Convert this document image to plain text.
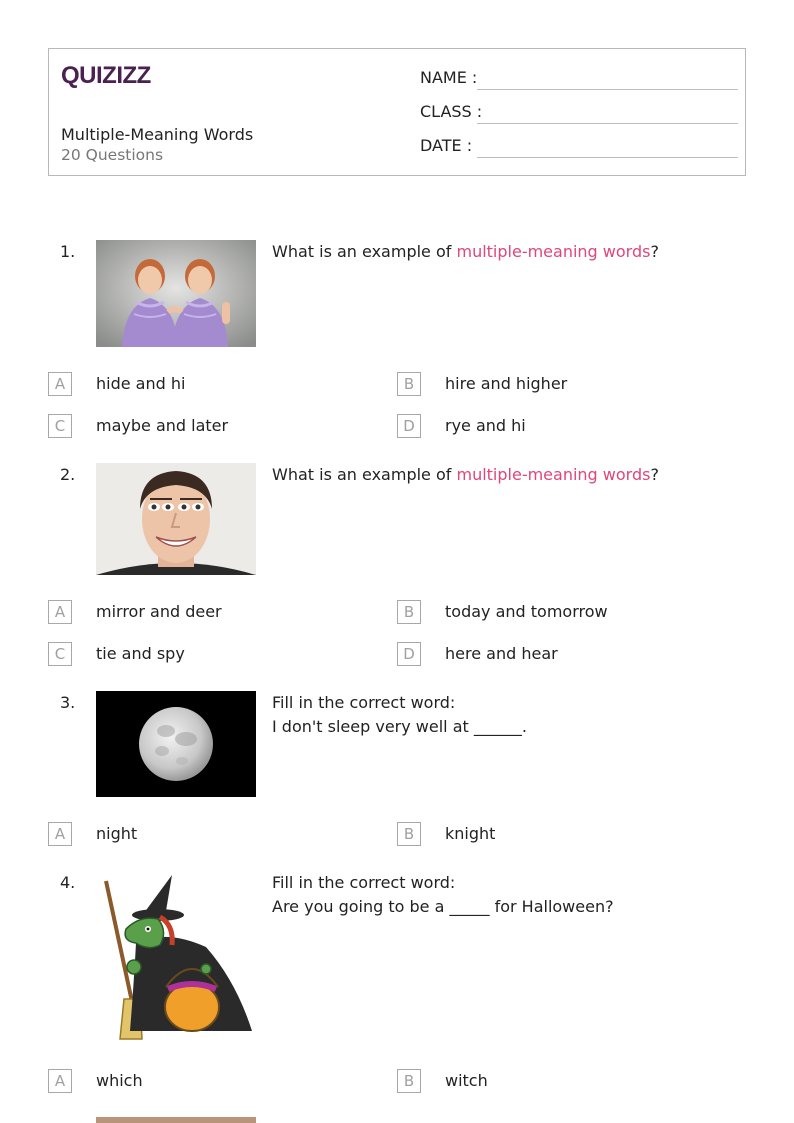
QUIZIZZ
Multiple-Meaning Words
20 Questions
NAME :
CLASS :
DATE :
1.	What is an example of multiple-meaning words?
A	hide and hi	B	hire and higher
C	maybe and later	D	rye and hi
2.	What is an example of multiple-meaning words?
A	mirror and deer	B	today and tomorrow
C	tie and spy	D	here and hear
3.	Fill in the correct word:
I don't sleep very well at ______.
A	night	B	knight
4.	Fill in the correct word:
Are you going to be a _____ for Halloween?
A	which	B	witch
